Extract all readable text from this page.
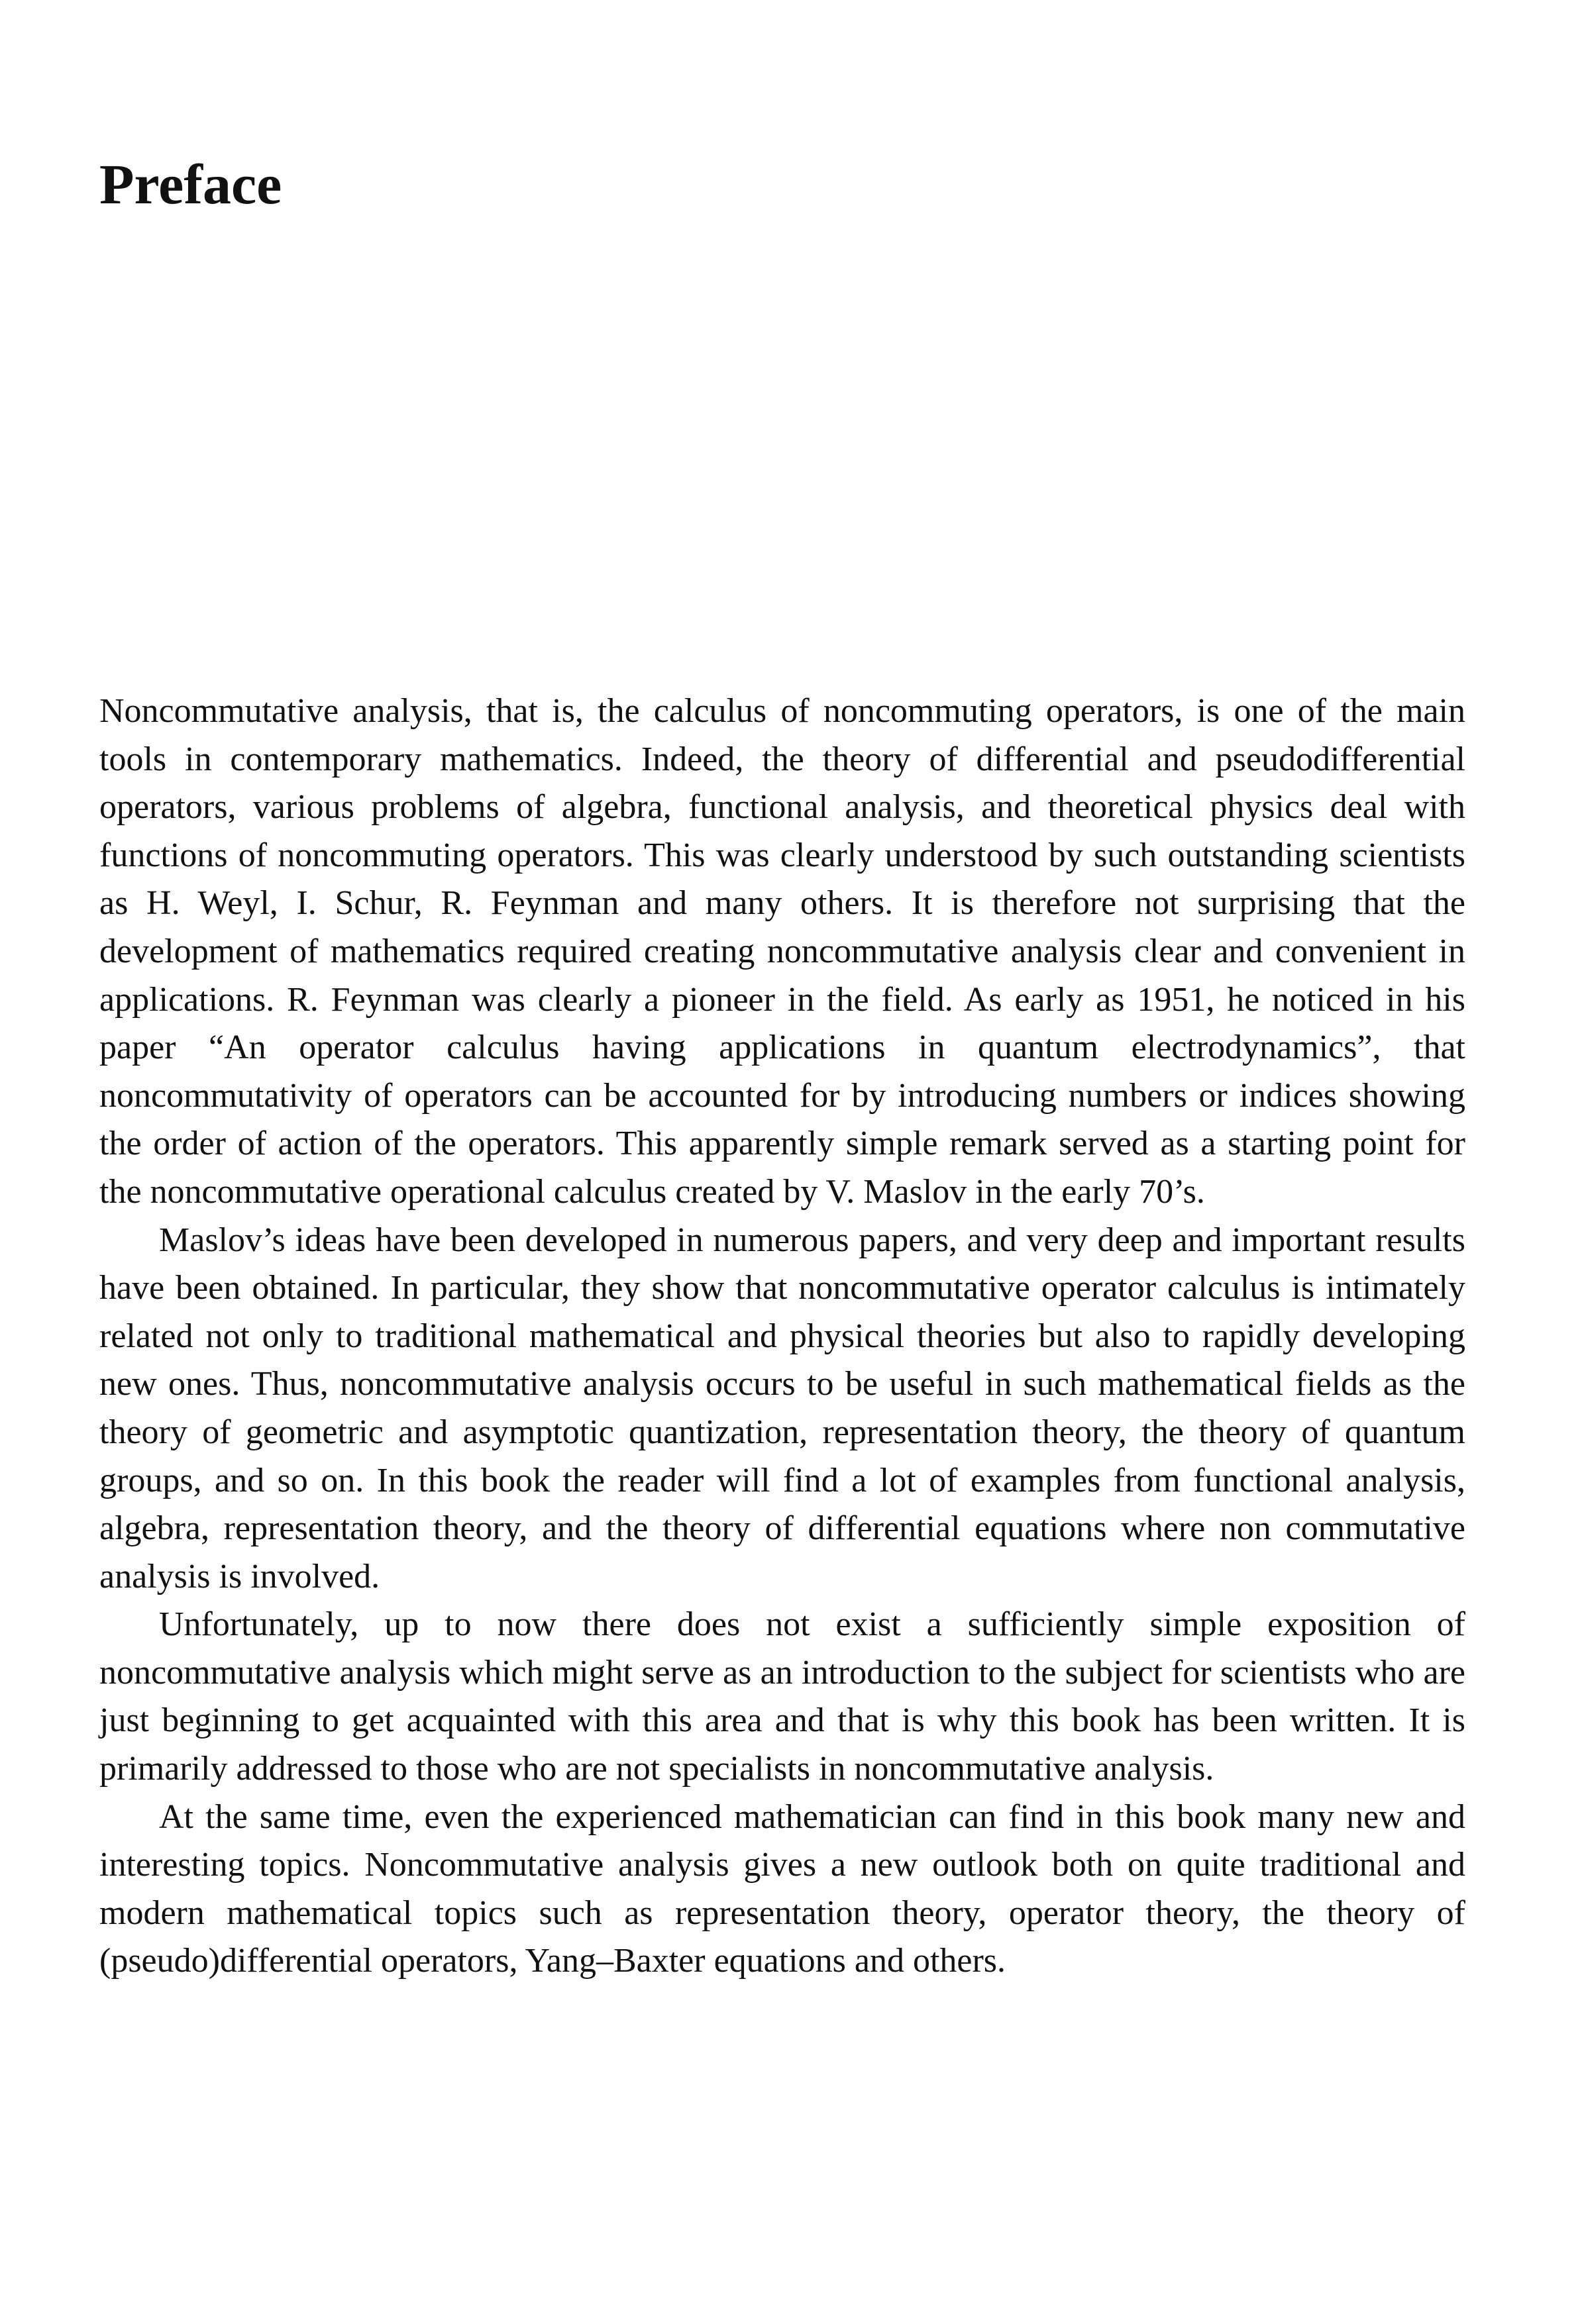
Preface

Noncommutative analysis, that is, the calculus of noncommuting operators, is one of the main tools in contemporary mathematics. Indeed, the theory of differential and pseudodifferential operators, various problems of algebra, functional analysis, and theoretical physics deal with functions of noncommuting operators. This was clearly understood by such outstanding scientists as H. Weyl, I. Schur, R. Feynman and many others. It is therefore not surprising that the development of mathematics required creating noncommutative analysis clear and convenient in applications. R. Feynman was clearly a pioneer in the field. As early as 1951, he noticed in his paper “An operator calculus having applications in quantum electrodynamics”, that noncommutativity of operators can be accounted for by introducing numbers or indices showing the order of action of the operators. This apparently simple remark served as a starting point for the noncommutative operational calculus created by V. Maslov in the early 70’s.

Maslov’s ideas have been developed in numerous papers, and very deep and important results have been obtained. In particular, they show that noncommutative operator calculus is intimately related not only to traditional mathematical and physical theories but also to rapidly developing new ones. Thus, noncommutative analysis occurs to be useful in such mathematical fields as the theory of geometric and asymptotic quantization, representation theory, the theory of quantum groups, and so on. In this book the reader will find a lot of examples from functional analysis, algebra, representation theory, and the theory of differential equations where non commutative analysis is involved.

Unfortunately, up to now there does not exist a sufficiently simple exposition of noncommutative analysis which might serve as an introduction to the subject for scientists who are just beginning to get acquainted with this area and that is why this book has been written. It is primarily addressed to those who are not specialists in noncommutative analysis.

At the same time, even the experienced mathematician can find in this book many new and interesting topics. Noncommutative analysis gives a new outlook both on quite traditional and modern mathematical topics such as representation theory, operator theory, the theory of (pseudo)differential operators, Yang–Baxter equations and others.
